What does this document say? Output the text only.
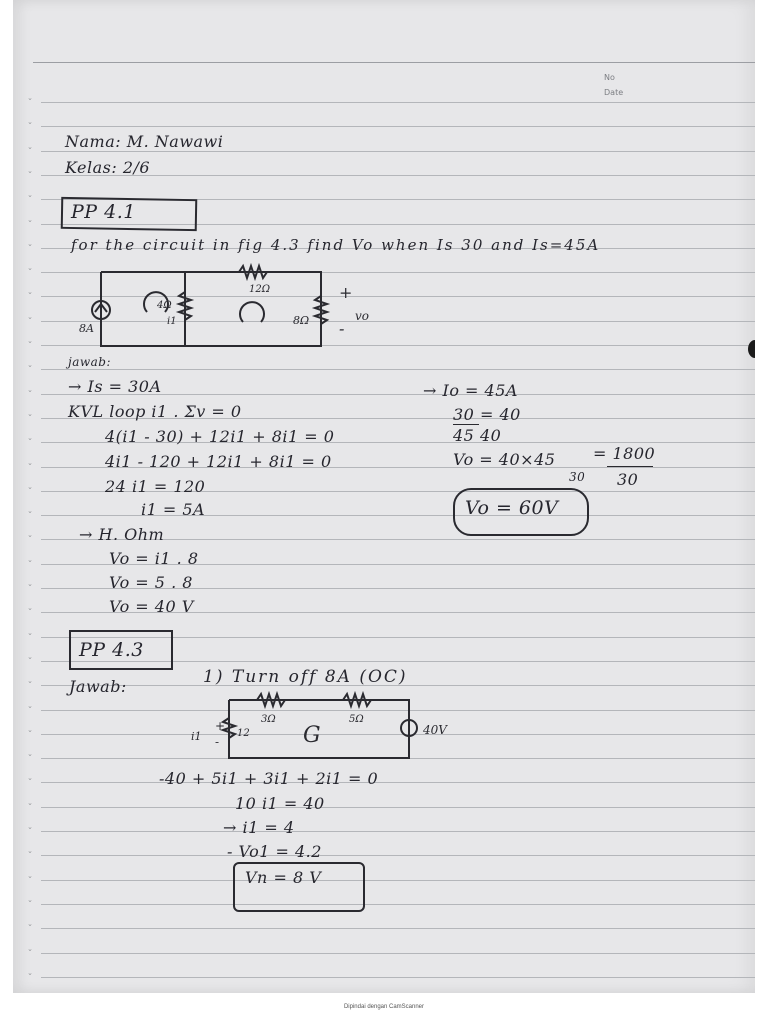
ˇ
ˇ
ˇ
ˇ
ˇ
ˇ
ˇ
ˇ
ˇ
ˇ
ˇ
ˇ
ˇ
ˇ
ˇ
ˇ
ˇ
ˇ
ˇ
ˇ
ˇ
ˇ
ˇ
ˇ
ˇ
ˇ
ˇ
ˇ
ˇ
ˇ
ˇ
ˇ
ˇ
ˇ
ˇ
ˇ
ˇ
No
Date
Nama: M. Nawawi
Kelas: 2/6
PP 4.1
for the circuit in fig 4.3 find Vo when Is 30 and Is=45A
8A
4Ω
12Ω
8Ω
i1
+
-
vo
jawab:
→ Is = 30A
KVL loop i1 . Σv = 0
4(i1 - 30) + 12i1 + 8i1 = 0
4i1 - 120 + 12i1 + 8i1 = 0
24 i1 = 120
i1 = 5A
→ H. Ohm
Vo = i1 . 8
Vo = 5 . 8
Vo = 40 V
→ Io = 45A
30 = 40
45 40
Vo = 40×45
30
= 1800
30
Vo = 60V
PP 4.3
Jawab:	1) Turn off 8A (OC)
3Ω	5Ω
12	40V
G
i1
+
-
-40 + 5i1 + 3i1 + 2i1 = 0
10 i1 = 40
→ i1 = 4
- Vo1 = 4.2
Vn = 8 V
Dipindai dengan CamScanner
